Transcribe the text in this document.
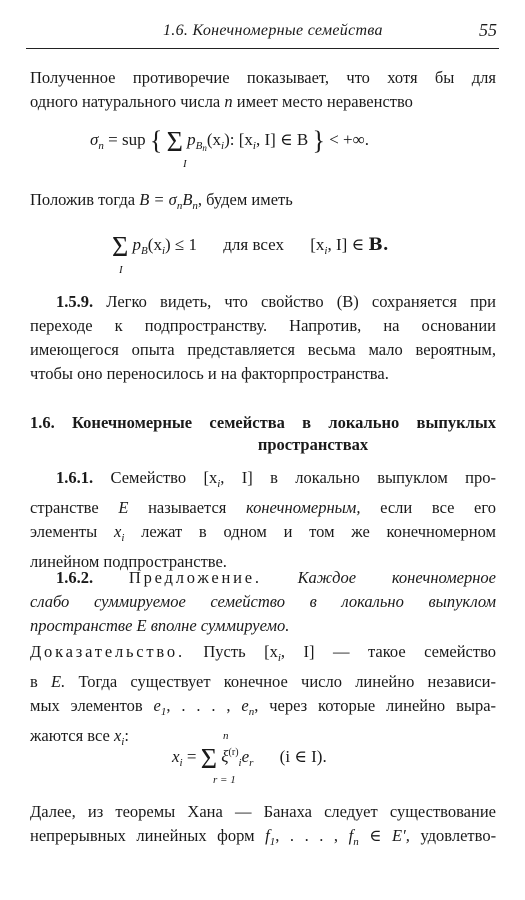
1.6. Конечномерные семейства	55
Полученное противоречие показывает, что хотя бы для
одного натурального числа n имеет место неравенство
$\sigma_n$ = sup { Σ $p_{Bn}(x_i)$: [$x_i$, I] ∈ B } < +∞.
I
Положив тогда $B = \sigma_nB_n$, будем иметь
Σ $p_B(x_i) \le 1$ для всех [$x_i$, I] ∈ B.
I
1.5.9. Легко видеть, что свойство (B) сохраняется при
переходе к подпространству. Напротив, на основании
имеющегося опыта представляется весьма мало вероятным,
чтобы оно переносилось и на факторпространства.
1.6. Конечномерные семейства в локально выпуклых
пространствах
1.6.1. Семейство [$x_i$, I] в локально выпуклом про-
странстве E называется конечномерным, если все его
элементы $x_i$ лежат в одном и том же конечномерном
линейном подпространстве.
1.6.2. Предложение. Каждое конечномерное
слабо суммируемое семейство в локально выпуклом
пространстве E вполне суммируемо.
Доказательство. Пусть [$x_i$, I] — такое семейство
в E. Тогда существует конечное число линейно независи-
мых элементов $e_1$, . . . , $e_n$, через которые линейно выра-
жаются все $x_i$:	n
$x_i = \Sigma$ $\xi^{(r)}_ie_r$ (i ∈ I).
r = 1
Далее, из теоремы Хана — Банаха следует существование
непрерывных линейных форм $f_1$, . . . , $f_n$ ∈ E′, удовлетво-
